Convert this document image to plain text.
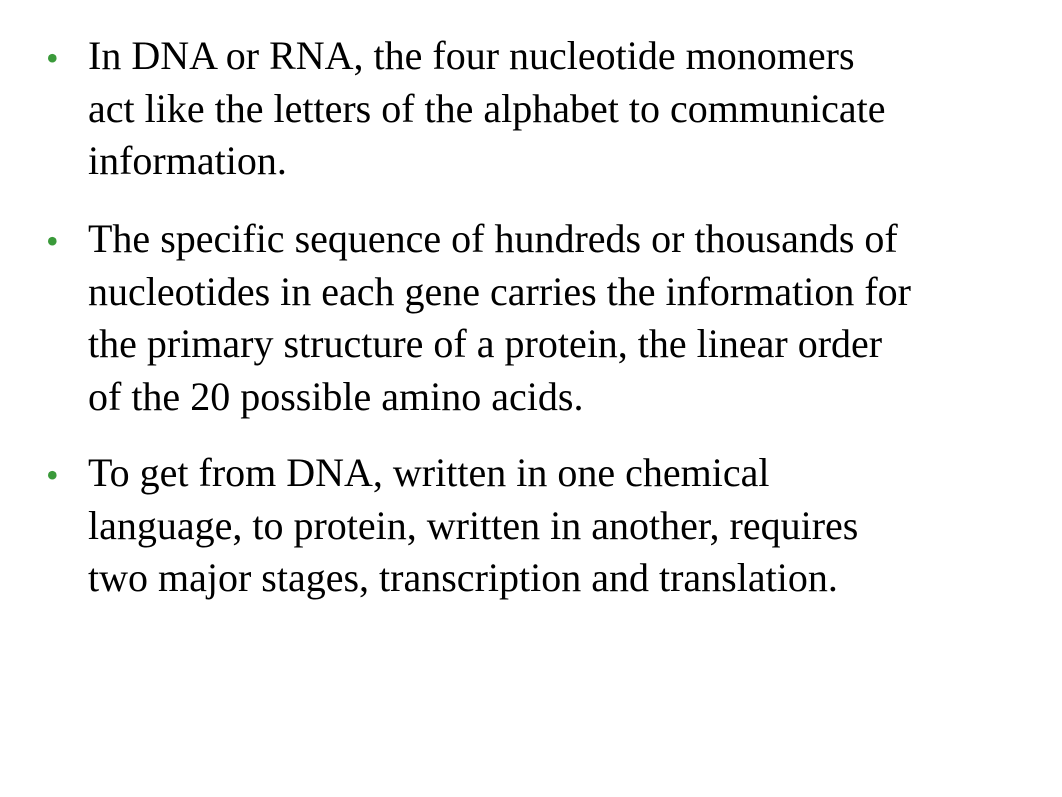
• In DNA or RNA, the four nucleotide monomers
act like the letters of the alphabet to communicate
information.
• The specific sequence of hundreds or thousands of
nucleotides in each gene carries the information for
the primary structure of a protein, the linear order
of the 20 possible amino acids.
• To get from DNA, written in one chemical
language, to protein, written in another, requires
two major stages, transcription and translation.
